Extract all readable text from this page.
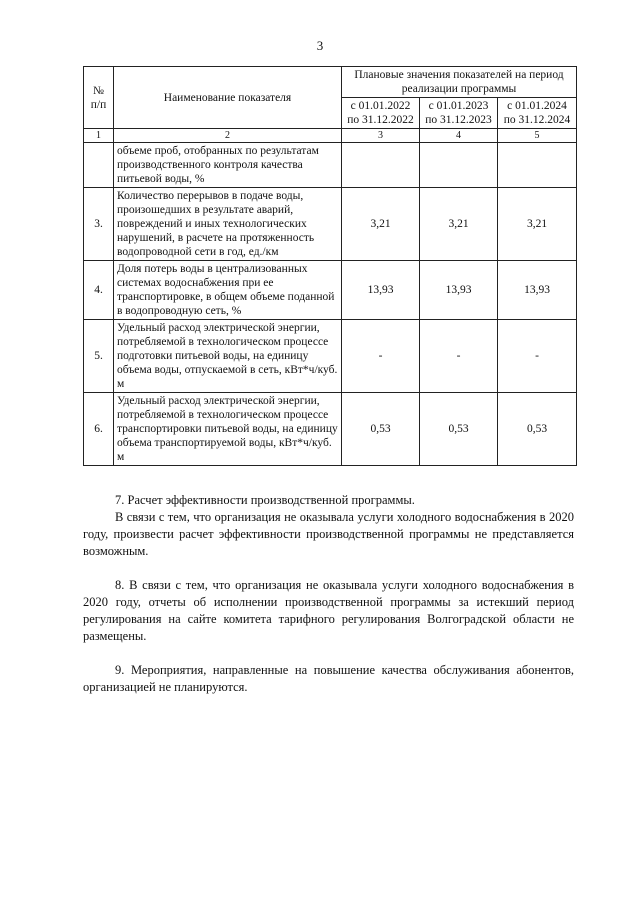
3
№ п/п	Наименование показателя	Плановые значения показателей на период реализации программы		
		с 01.01.2022 по 31.12.2022	с 01.01.2023 по 31.12.2023	с 01.01.2024 по 31.12.2024
1	2	3	4	5
	объеме проб, отобранных по результатам производственного контроля качества питьевой воды, %			
3.	Количество перерывов в подаче воды, произошедших в результате аварий, повреждений и иных технологических нарушений, в расчете на протяженность водопроводной сети в год, ед./км	3,21	3,21	3,21
4.	Доля потерь воды в централизованных системах водоснабжения при ее транспортировке, в общем объеме поданной в водопроводную сеть, %	13,93	13,93	13,93
5.	Удельный расход электрической энергии, потребляемой в технологическом процессе подготовки питьевой воды, на единицу объема воды, отпускаемой в сеть, кВт*ч/куб. м	-	-	-
6.	Удельный расход электрической энергии, потребляемой в технологическом процессе транспортировки питьевой воды, на единицу объема транспортируемой воды, кВт*ч/куб. м	0,53	0,53	0,53

7. Расчет эффективности производственной программы.

В связи с тем, что организация не оказывала услуги холодного водоснабжения в 2020 году, произвести расчет эффективности производственной программы не представляется возможным.

8. В связи с тем, что организация не оказывала услуги холодного водоснабжения в 2020 году, отчеты об исполнении производственной программы за истекший период регулирования на сайте комитета тарифного регулирования Волгоградской области не размещены.

9. Мероприятия, направленные на повышение качества обслуживания абонентов, организацией не планируются.
